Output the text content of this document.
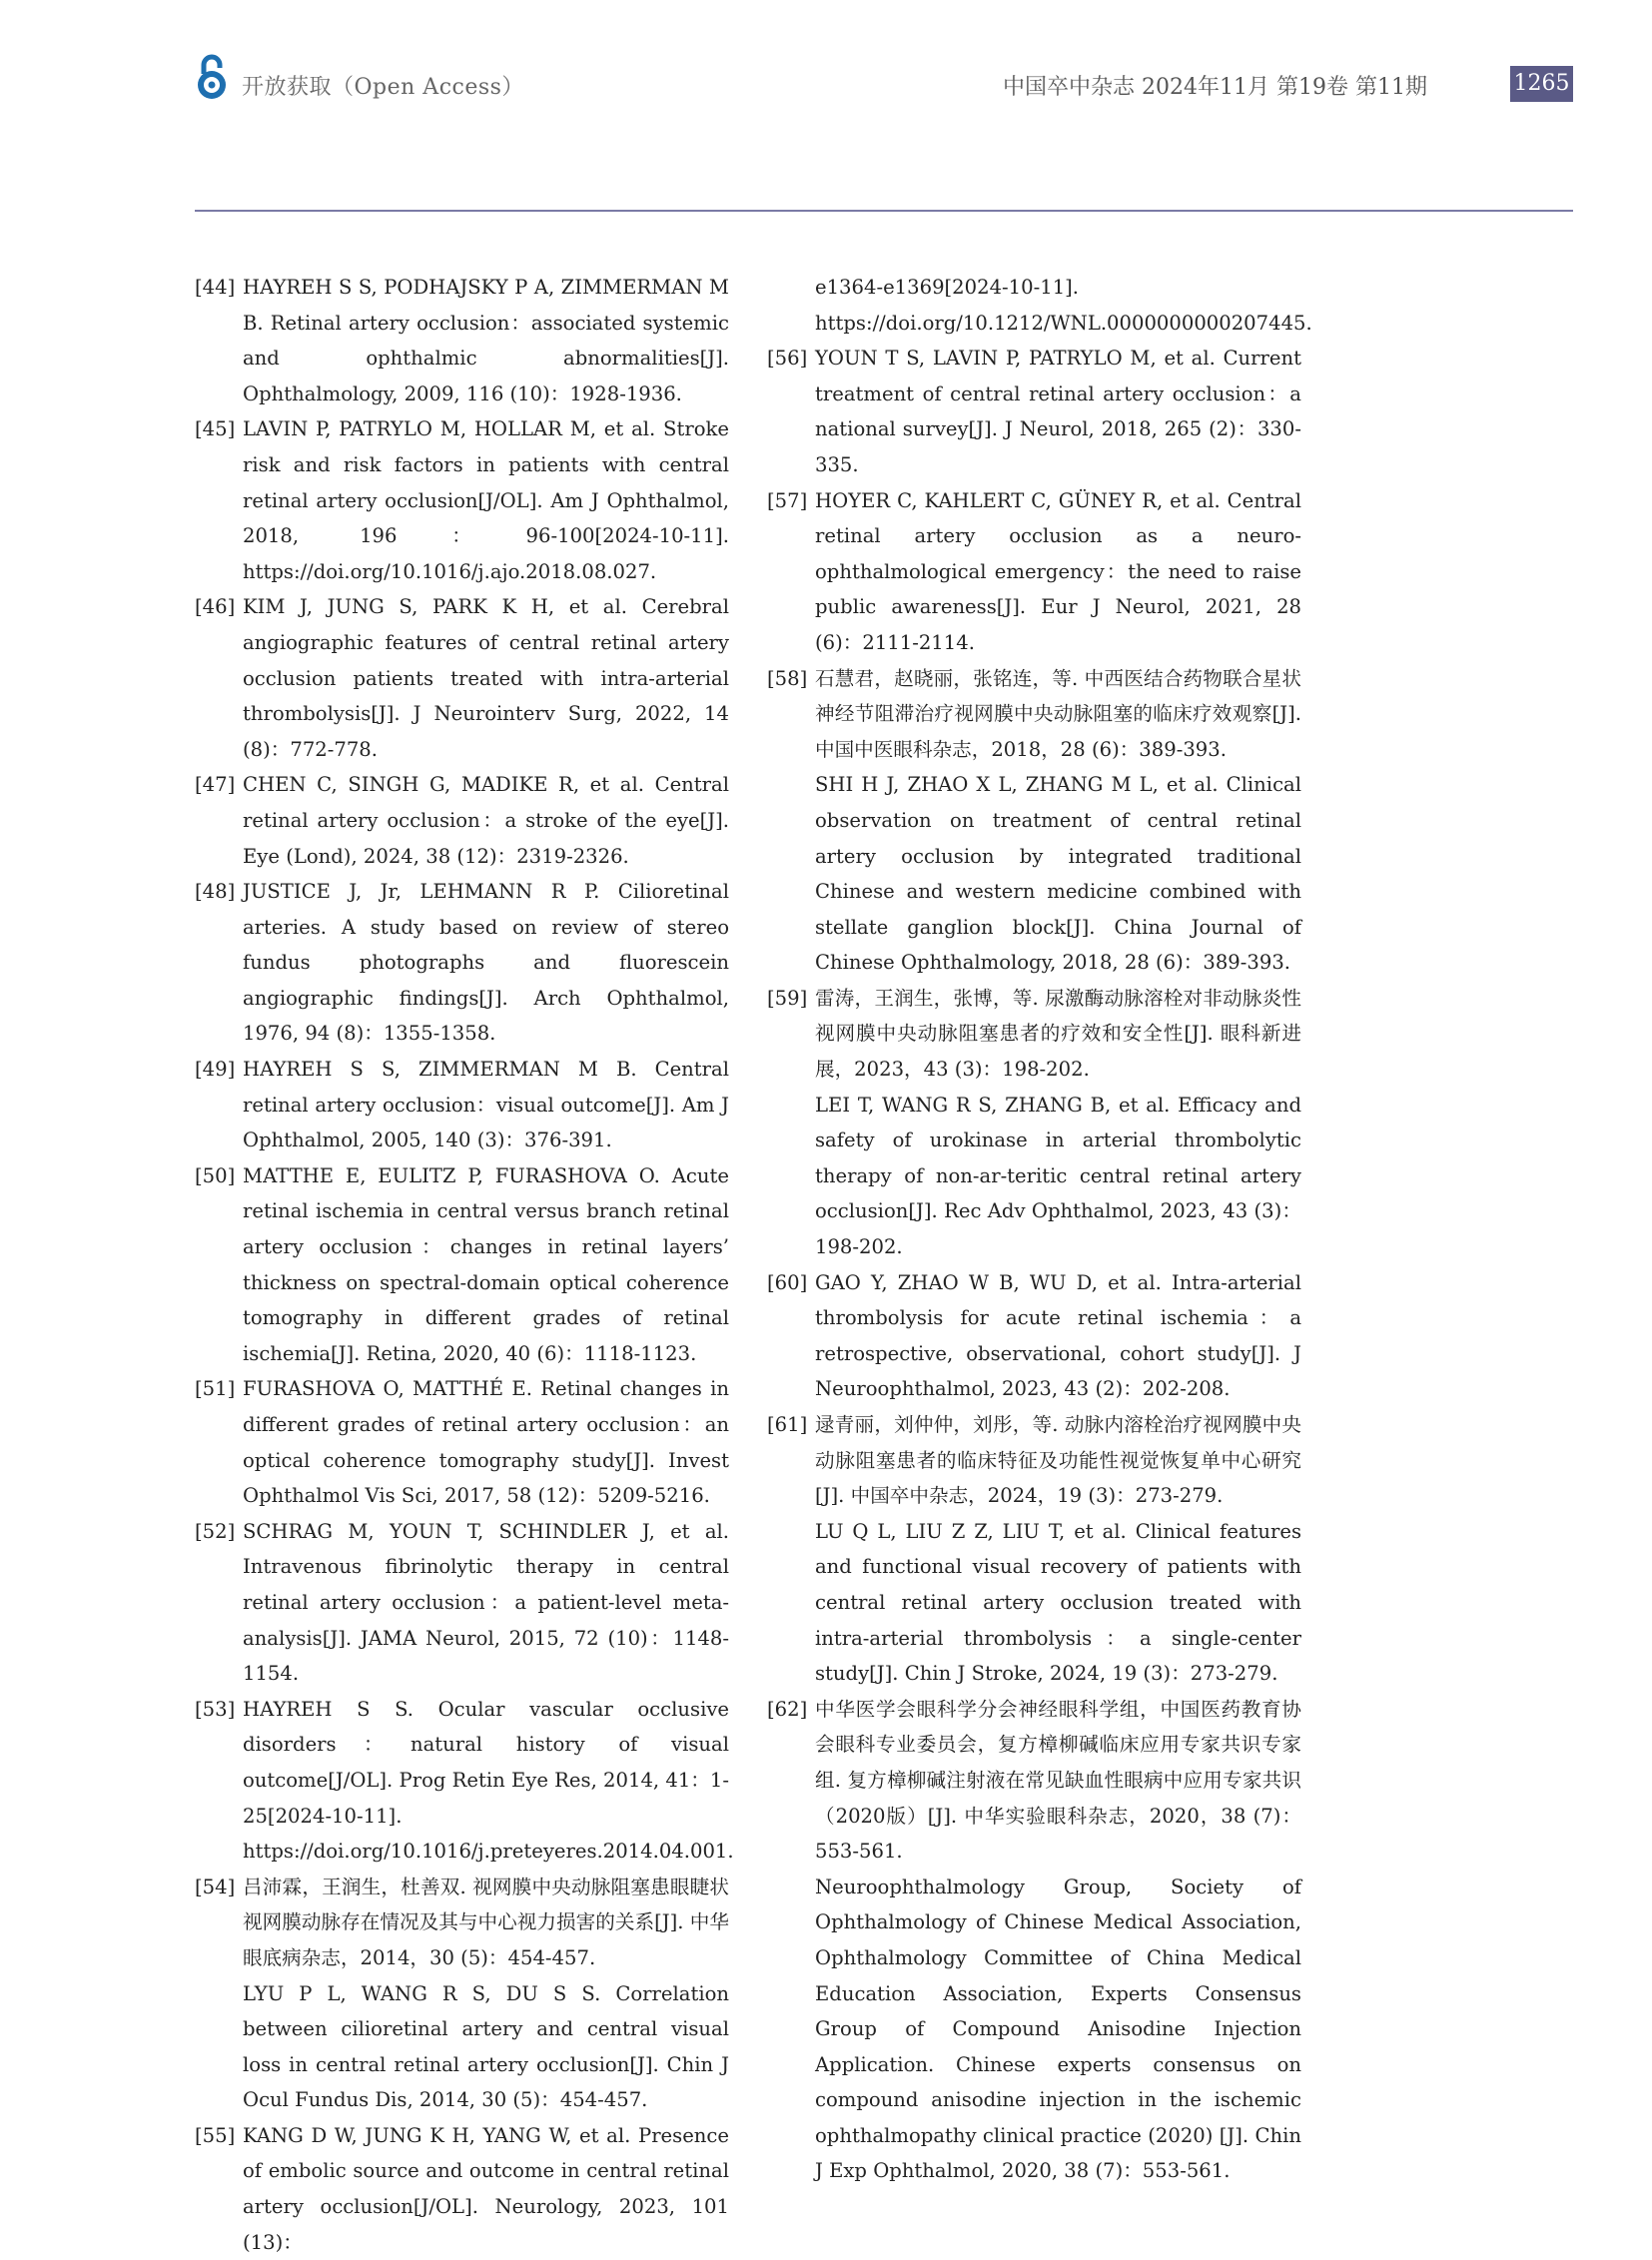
开放获取（Open Access）	中国卒中杂志 2024年11月 第19卷 第11期	1265
[44] HAYREH S S, PODHAJSKY P A, ZIMMERMAN M B. Retinal artery occlusion：associated systemic and ophthalmic abnormalities[J]. Ophthalmology, 2009, 116 (10)：1928-1936.

[45] LAVIN P, PATRYLO M, HOLLAR M, et al. Stroke risk and risk factors in patients with central retinal artery occlusion[J/OL]. Am J Ophthalmol, 2018, 196：96-100[2024-10-11]. https://doi.org/10.1016/j.ajo.2018.08.027.

[46] KIM J, JUNG S, PARK K H, et al. Cerebral angiographic features of central retinal artery occlusion patients treated with intra-arterial thrombolysis[J]. J Neurointerv Surg, 2022, 14 (8)：772-778.

[47] CHEN C, SINGH G, MADIKE R, et al. Central retinal artery occlusion：a stroke of the eye[J]. Eye (Lond), 2024, 38 (12)：2319-2326.

[48] JUSTICE J, Jr, LEHMANN R P. Cilioretinal arteries. A study based on review of stereo fundus photographs and fluorescein angiographic findings[J]. Arch Ophthalmol, 1976, 94 (8)：1355-1358.

[49] HAYREH S S, ZIMMERMAN M B. Central retinal artery occlusion：visual outcome[J]. Am J Ophthalmol, 2005, 140 (3)：376-391.

[50] MATTHE E, EULITZ P, FURASHOVA O. Acute retinal ischemia in central versus branch retinal artery occlusion：changes in retinal layers’ thickness on spectral-domain optical coherence tomography in different grades of retinal ischemia[J]. Retina, 2020, 40 (6)：1118-1123.

[51] FURASHOVA O, MATTHÉ E. Retinal changes in different grades of retinal artery occlusion：an optical coherence tomography study[J]. Invest Ophthalmol Vis Sci, 2017, 58 (12)：5209-5216.

[52] SCHRAG M, YOUN T, SCHINDLER J, et al. Intravenous fibrinolytic therapy in central retinal artery occlusion：a patient-level meta-analysis[J]. JAMA Neurol, 2015, 72 (10)：1148-1154.

[53] HAYREH S S. Ocular vascular occlusive disorders：natural history of visual outcome[J/OL]. Prog Retin Eye Res, 2014, 41：1-25[2024-10-11]. https://doi.org/10.1016/j.preteyeres.2014.04.001.

[54] 吕沛霖，王润生，杜善双. 视网膜中央动脉阻塞患眼睫状视网膜动脉存在情况及其与中心视力损害的关系[J]. 中华眼底病杂志，2014，30 (5)：454-457.

LYU P L, WANG R S, DU S S. Correlation between cilioretinal artery and central visual loss in central retinal artery occlusion[J]. Chin J Ocul Fundus Dis, 2014, 30 (5)：454-457.

[55] KANG D W, JUNG K H, YANG W, et al. Presence of embolic source and outcome in central retinal artery occlusion[J/OL]. Neurology, 2023, 101 (13)：

e1364-e1369[2024-10-11]. https://doi.org/10.1212/WNL.0000000000207445.
[56] YOUN T S, LAVIN P, PATRYLO M, et al. Current treatment of central retinal artery occlusion：a national survey[J]. J Neurol, 2018, 265 (2)：330-335.

[57] HOYER C, KAHLERT C, GÜNEY R, et al. Central retinal artery occlusion as a neuro-ophthalmological emergency：the need to raise public awareness[J]. Eur J Neurol, 2021, 28 (6)：2111-2114.

[58] 石慧君，赵晓丽，张铭连，等. 中西医结合药物联合星状神经节阻滞治疗视网膜中央动脉阻塞的临床疗效观察[J]. 中国中医眼科杂志，2018，28 (6)：389-393.

SHI H J, ZHAO X L, ZHANG M L, et al. Clinical observation on treatment of central retinal artery occlusion by integrated traditional Chinese and western medicine combined with stellate ganglion block[J]. China Journal of Chinese Ophthalmology, 2018, 28 (6)：389-393.

[59] 雷涛，王润生，张博，等. 尿激酶动脉溶栓对非动脉炎性视网膜中央动脉阻塞患者的疗效和安全性[J]. 眼科新进展，2023，43 (3)：198-202.

LEI T, WANG R S, ZHANG B, et al. Efficacy and safety of urokinase in arterial thrombolytic therapy of non-ar-teritic central retinal artery occlusion[J]. Rec Adv Ophthalmol, 2023, 43 (3)：198-202.

[60] GAO Y, ZHAO W B, WU D, et al. Intra-arterial thrombolysis for acute retinal ischemia：a retrospective, observational, cohort study[J]. J Neuroophthalmol, 2023, 43 (2)：202-208.

[61] 逯青丽，刘仲仲，刘彤，等. 动脉内溶栓治疗视网膜中央动脉阻塞患者的临床特征及功能性视觉恢复单中心研究[J]. 中国卒中杂志，2024，19 (3)：273-279.

LU Q L, LIU Z Z, LIU T, et al. Clinical features and functional visual recovery of patients with central retinal artery occlusion treated with intra-arterial thrombolysis：a single-center study[J]. Chin J Stroke, 2024, 19 (3)：273-279.

[62] 中华医学会眼科学分会神经眼科学组，中国医药教育协会眼科专业委员会，复方樟柳碱临床应用专家共识专家组. 复方樟柳碱注射液在常见缺血性眼病中应用专家共识（2020版）[J]. 中华实验眼科杂志，2020，38 (7)：553-561.

Neuroophthalmology Group, Society of Ophthalmology of Chinese Medical Association, Ophthalmology Committee of China Medical Education Association, Experts Consensus Group of Compound Anisodine Injection Application. Chinese experts consensus on compound anisodine injection in the ischemic ophthalmopathy clinical practice (2020) [J]. Chin J Exp Ophthalmol, 2020, 38 (7)：553-561.
